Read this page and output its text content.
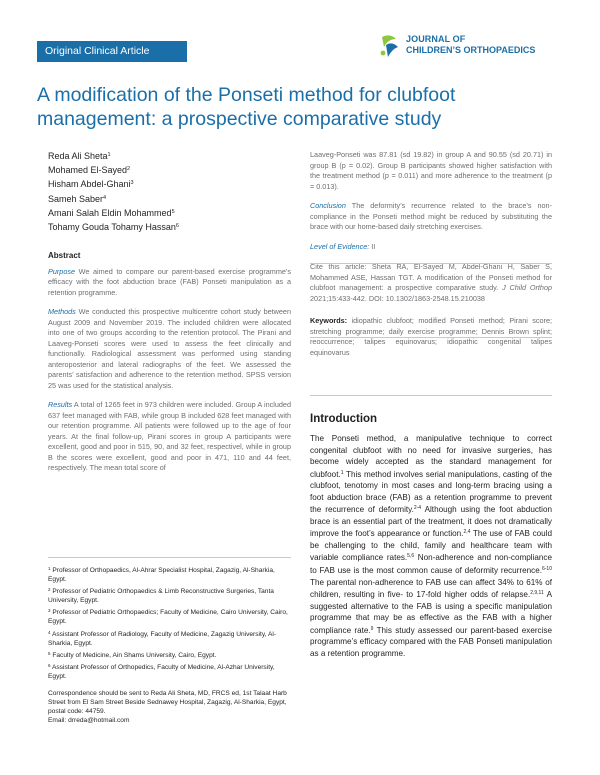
Original Clinical Article
JOURNAL OF
CHILDREN’S ORTHOPAEDICS
A modification of the Ponseti method for clubfoot management: a prospective comparative study
Reda Ali Sheta$^1$
Mohamed El-Sayed$^2$
Hisham Abdel-Ghani$^3$
Sameh Saber$^4$
Amani Salah Eldin Mohammed$^5$
Tohamy Gouda Tohamy Hassan$^6$
Abstract

Purpose We aimed to compare our parent-based exercise programme’s efficacy with the foot abduction brace (FAB) Ponseti manipulation as a retention programme.

Methods We conducted this prospective multicentre cohort study between August 2009 and November 2019. The included children were allocated into one of two groups according to the retention protocol. The Pirani and Laaveg-Ponseti scores were used to assess the feet clinically and functionally. Radiological assessment was performed using standing anteroposterior and lateral radiographs of the feet. We assessed the parents’ satisfaction and adherence to the retention method. SPSS version 25 was used for the statistical analysis.

Results A total of 1265 feet in 973 children were included. Group A included 637 feet managed with FAB, while group B included 628 feet managed with our retention programme. All patients were followed up to the age of four years. At the final follow-up, Pirani scores in group A participants were excellent, good and poor in 515, 90, and 32 feet, respectivel, while in group B the scores were excellent, good and poor in 471, 110 and 44 feet, respectively. The mean total score of

Laaveg-Ponseti was 87.81 (sd 19.82) in group A and 90.55 (sd 20.71) in group B (p = 0.02). Group B participants showed higher satisfaction with the treatment method (p = 0.011) and more adherence to the treatment (p = 0.013).

Conclusion The deformity’s recurrence related to the brace’s non-compliance in the Ponseti method might be reduced by substituting the brace with our home-based daily stretching exercises.

Level of Evidence: II

Cite this article: Sheta RA, El-Sayed M, Abdel-Ghani H, Saber S, Mohammed ASE, Hassan TGT. A modification of the Ponseti method for clubfoot management: a prospective comparative study. J Child Orthop 2021;15:433-442. DOI: 10.1302/1863-2548.15.210038

Keywords: idiopathic clubfoot; modified Ponseti method; Pirani score; stretching programme; daily exercise programme; Dennis Brown splint; reoccurrence; talipes equinovarus; idiopathic congenital talipes equinovarus

Introduction
The Ponseti method, a manipulative technique to correct congenital clubfoot with no need for invasive surgeries, has become widely accepted as the standard management for clubfoot.$^1$ This method involves serial manipulations, casting of the clubfoot, tenotomy in most cases and long-term bracing using a foot abduction brace (FAB) as a retention programme to prevent the recurrence of deformity.$^{2-4}$ Although using the foot abduction brace is an essential part of the treatment, it does not dramatically improve the foot’s appearance or function.$^{2,4}$ The use of FAB could be challenging to the child, family and healthcare team with variable compliance rates.$^{5,6}$ Non-adherence and non-compliance to FAB use is the most common cause of deformity recurrence.$^{6-10}$ The parental non-adherence to FAB use can affect 34% to 61% of children, resulting in five- to 17-fold higher odds of relapse.$^{2,9,11}$ A suggested alternative to the FAB is using a specific manipulation programme that may be as effective as the FAB with a higher compliance rate.$^9$ This study assessed our parent-based exercise programme’s efficacy compared with the FAB Ponseti manipulation as a retention programme.
$^1$ Professor of Orthopaedics, Al-Ahrar Specialist Hospital, Zagazig, Al-Sharkia, Egypt.
$^2$ Professor of Pediatric Orthopaedics & Limb Reconstructive Surgeries, Tanta University, Egypt.
$^3$ Professor of Pediatric Orthopaedics; Faculty of Medicine, Cairo University, Cairo, Egypt.
$^4$ Assistant Professor of Radiology, Faculty of Medicine, Zagazig University, Al-Sharkia, Egypt.
$^5$ Faculty of Medicine, Ain Shams University, Cairo, Egypt.
$^6$ Assistant Professor of Orthopedics, Faculty of Medicine, Al-Azhar University, Egypt.
Correspondence should be sent to Reda Ali Sheta, MD, FRCS ed, 1st Talaat Harb Street from El Sam Street Beside Sednawey Hospital, Zagazig, Al-Sharkia, Egypt, postal code: 44759.
Email: drreda@hotmail.com
